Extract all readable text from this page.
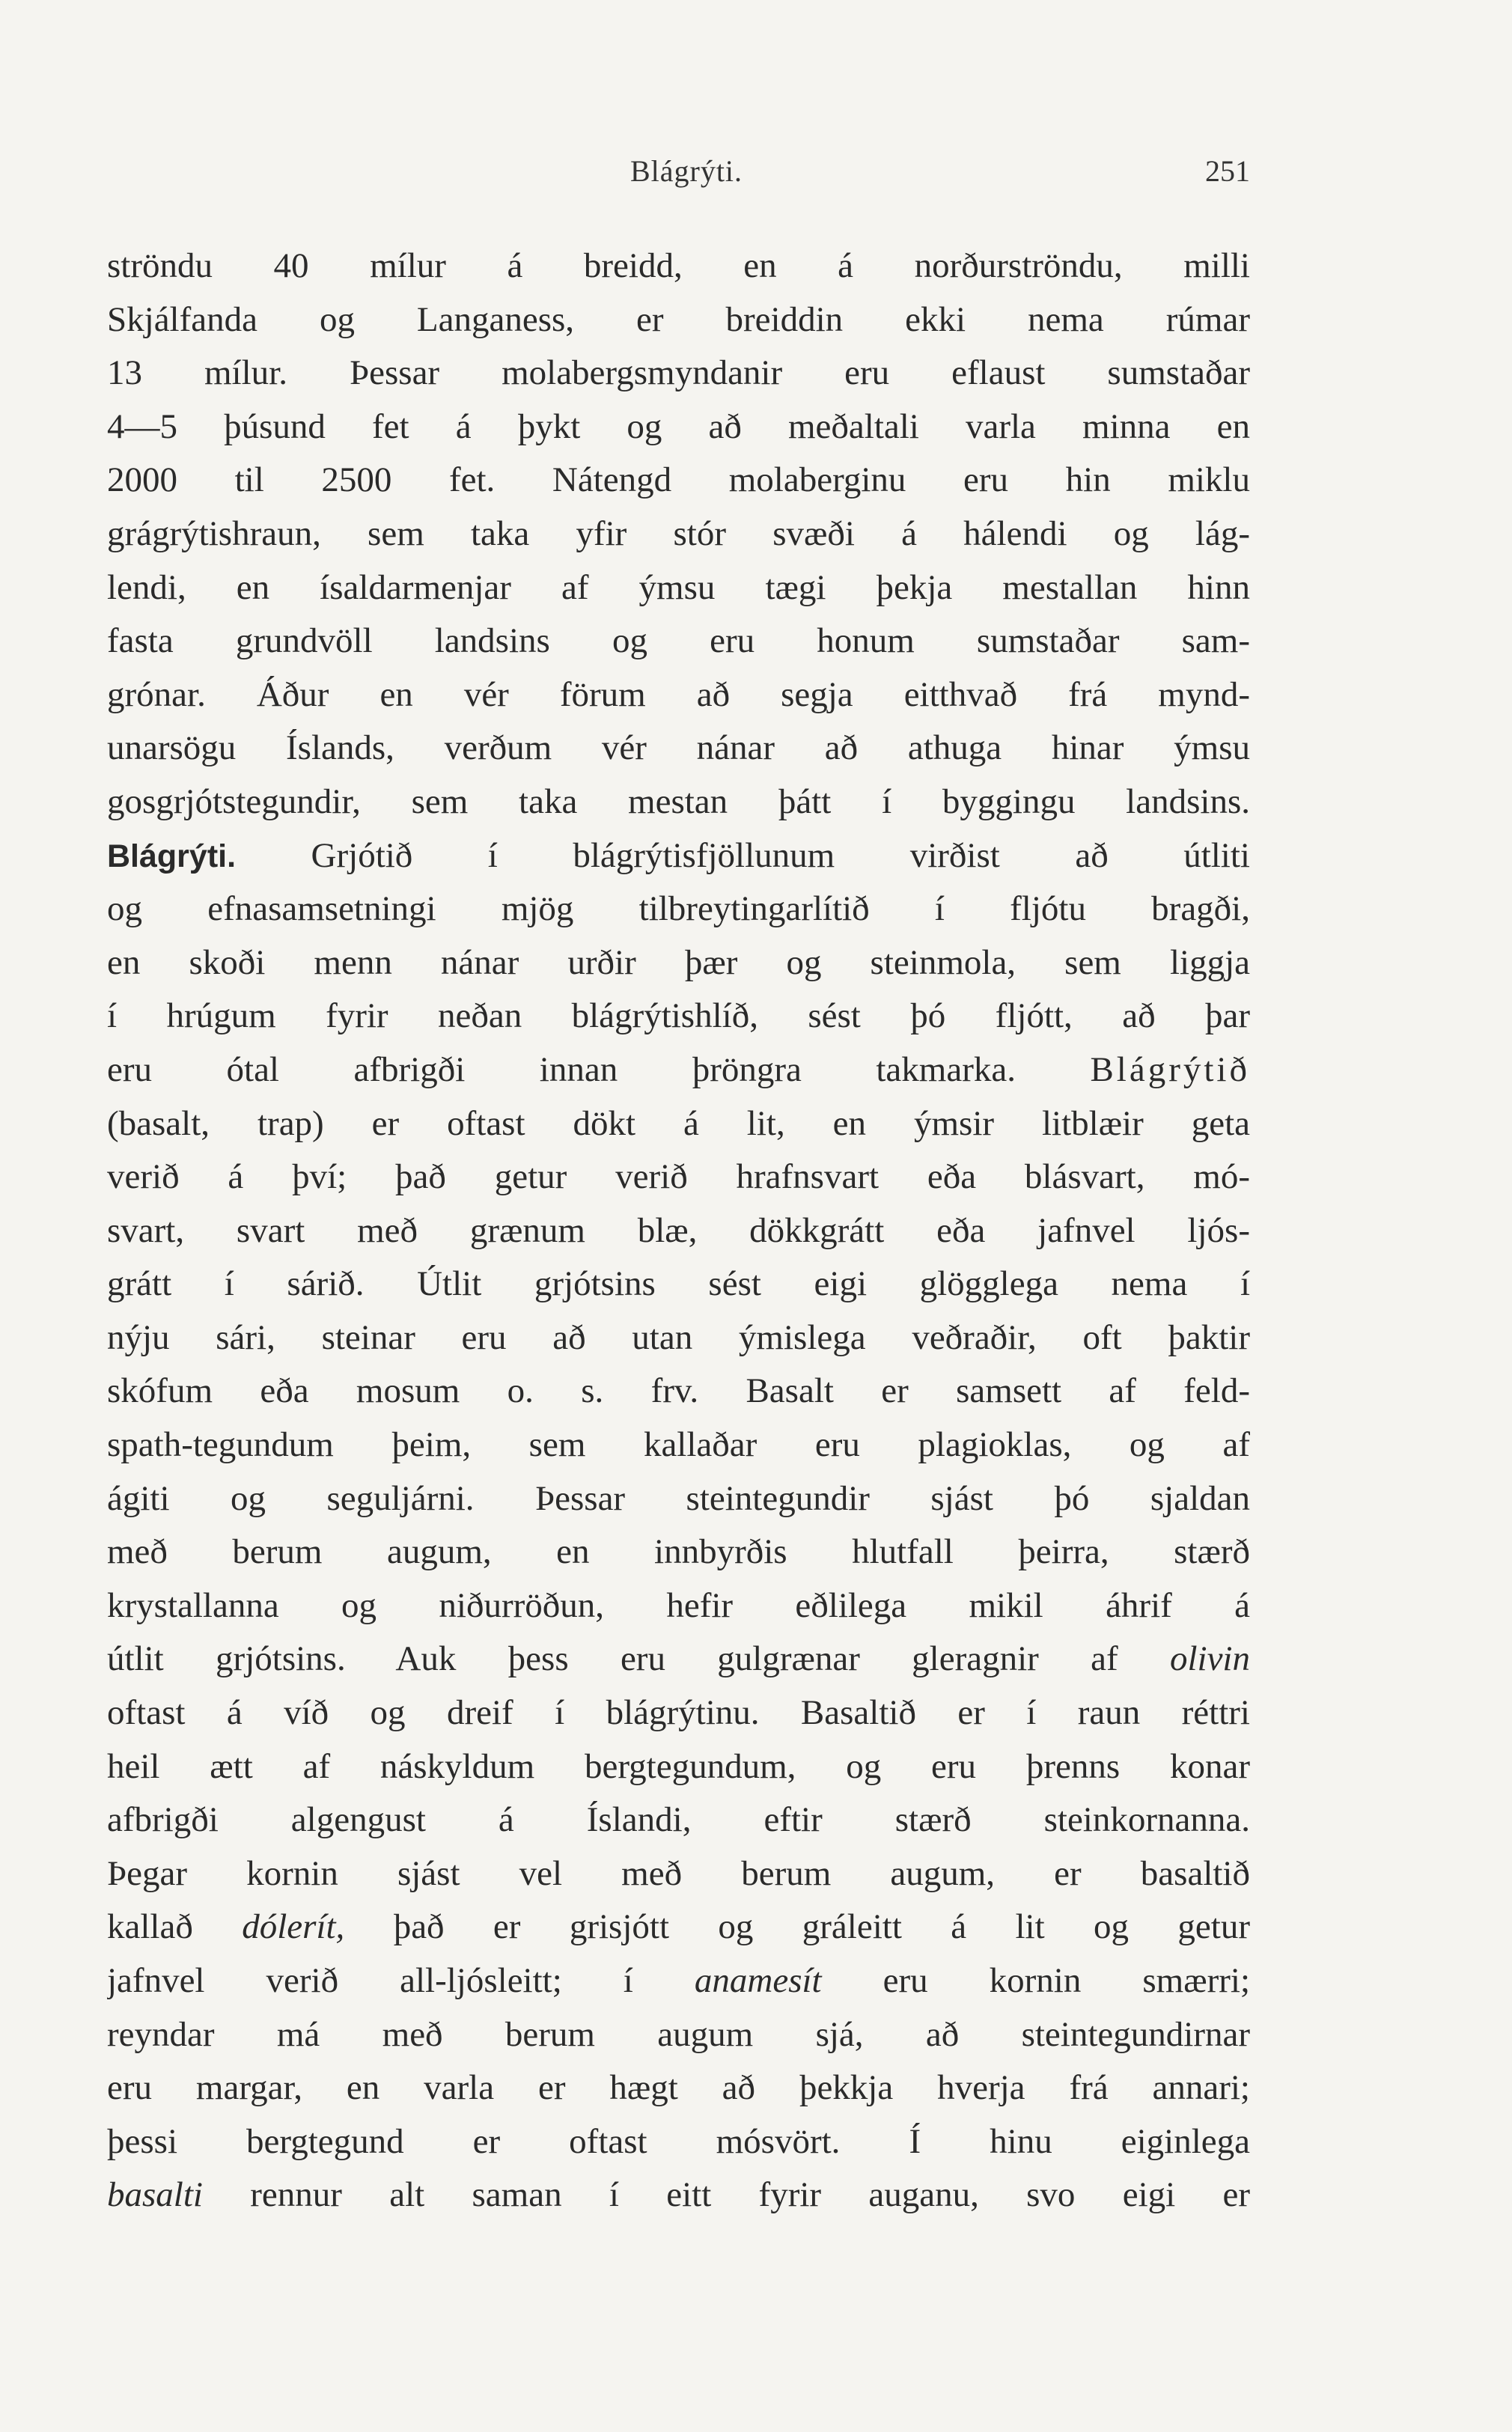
Blágrýti.	251
ströndu 40 mílur á breidd, en á norðurströndu, milli
Skjálfanda og Langaness, er breiddin ekki nema rúmar
13 mílur. Þessar molabergsmyndanir eru eflaust sumstaðar
4—5 þúsund fet á þykt og að meðaltali varla minna en
2000 til 2500 fet. Nátengd molaberginu eru hin miklu
grágrýtishraun, sem taka yfir stór svæði á hálendi og lág-
lendi, en ísaldarmenjar af ýmsu tægi þekja mestallan hinn
fasta grundvöll landsins og eru honum sumstaðar sam-
grónar. Áður en vér förum að segja eitthvað frá mynd-
unarsögu Íslands, verðum vér nánar að athuga hinar ýmsu
gosgrjótstegundir, sem taka mestan þátt í byggingu landsins.
Blágrýti. Grjótið í blágrýtisfjöllunum virðist að útliti
og efnasamsetningi mjög tilbreytingarlítið í fljótu bragði,
en skoði menn nánar urðir þær og steinmola, sem liggja
í hrúgum fyrir neðan blágrýtishlíð, sést þó fljótt, að þar
eru ótal afbrigði innan þröngra takmarka. Blágrýtið
(basalt, trap) er oftast dökt á lit, en ýmsir litblæir geta
verið á því; það getur verið hrafnsvart eða blásvart, mó-
svart, svart með grænum blæ, dökkgrátt eða jafnvel ljós-
grátt í sárið. Útlit grjótsins sést eigi glögglega nema í
nýju sári, steinar eru að utan ýmislega veðraðir, oft þaktir
skófum eða mosum o. s. frv. Basalt er samsett af feld-
spath-tegundum þeim, sem kallaðar eru plagioklas, og af
ágiti og seguljárni. Þessar steintegundir sjást þó sjaldan
með berum augum, en innbyrðis hlutfall þeirra, stærð
krystallanna og niðurröðun, hefir eðlilega mikil áhrif á
útlit grjótsins. Auk þess eru gulgrænar gleragnir af olivin
oftast á víð og dreif í blágrýtinu. Basaltið er í raun réttri
heil ætt af náskyldum bergtegundum, og eru þrenns konar
afbrigði algengust á Íslandi, eftir stærð steinkornanna.
Þegar kornin sjást vel með berum augum, er basaltið
kallað dólerít, það er grisjótt og gráleitt á lit og getur
jafnvel verið all-ljósleitt; í anamesít eru kornin smærri;
reyndar má með berum augum sjá, að steintegundirnar
eru margar, en varla er hægt að þekkja hverja frá annari;
þessi bergtegund er oftast mósvört. Í hinu eiginlega
basalti rennur alt saman í eitt fyrir auganu, svo eigi er
